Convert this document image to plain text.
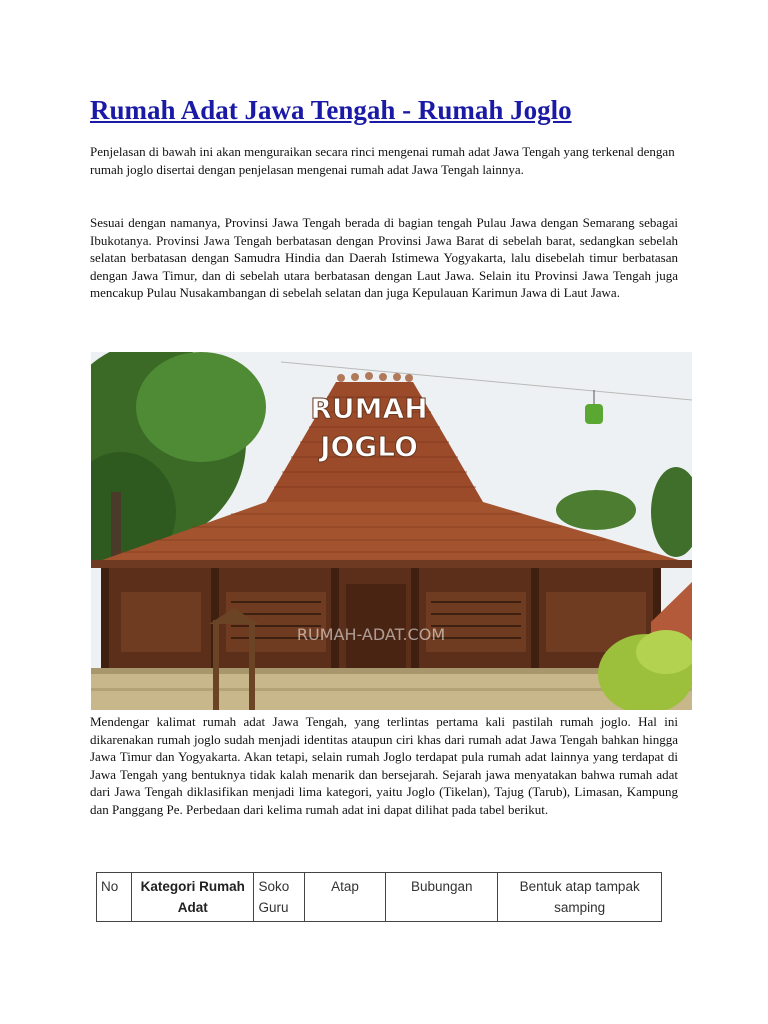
Rumah Adat Jawa Tengah - Rumah Joglo

Penjelasan di bawah ini akan menguraikan secara rinci mengenai rumah adat Jawa Tengah yang terkenal dengan rumah joglo disertai dengan penjelasan mengenai rumah adat Jawa Tengah lainnya.

Sesuai dengan namanya, Provinsi Jawa Tengah berada di bagian tengah Pulau Jawa dengan Semarang sebagai Ibukotanya. Provinsi Jawa Tengah berbatasan dengan Provinsi Jawa Barat di sebelah barat, sedangkan sebelah selatan berbatasan dengan Samudra Hindia dan Daerah Istimewa Yogyakarta, lalu disebelah timur berbatasan dengan Jawa Timur, dan di sebelah utara berbatasan dengan Laut Jawa. Selain itu Provinsi Jawa Tengah juga mencakup Pulau Nusakambangan di sebelah selatan dan juga Kepulauan Karimun Jawa di Laut Jawa.

RUMAH
JOGLO
RUMAH-ADAT.COM

Mendengar kalimat rumah adat Jawa Tengah, yang terlintas pertama kali pastilah rumah joglo. Hal ini dikarenakan rumah joglo sudah menjadi identitas ataupun ciri khas dari rumah adat Jawa Tengah bahkan hingga Jawa Timur dan Yogyakarta. Akan tetapi, selain rumah Joglo terdapat pula rumah adat lainnya yang terdapat di Jawa Tengah yang bentuknya tidak kalah menarik dan bersejarah. Sejarah jawa menyatakan bahwa rumah adat dari Jawa Tengah diklasifikan menjadi lima kategori, yaitu Joglo (Tikelan), Tajug (Tarub), Limasan, Kampung dan Panggang Pe. Perbedaan dari kelima rumah adat ini dapat dilihat pada tabel berikut.

No	Kategori Rumah Adat	Soko Guru	Atap	Bubungan	Bentuk atap tampak samping
